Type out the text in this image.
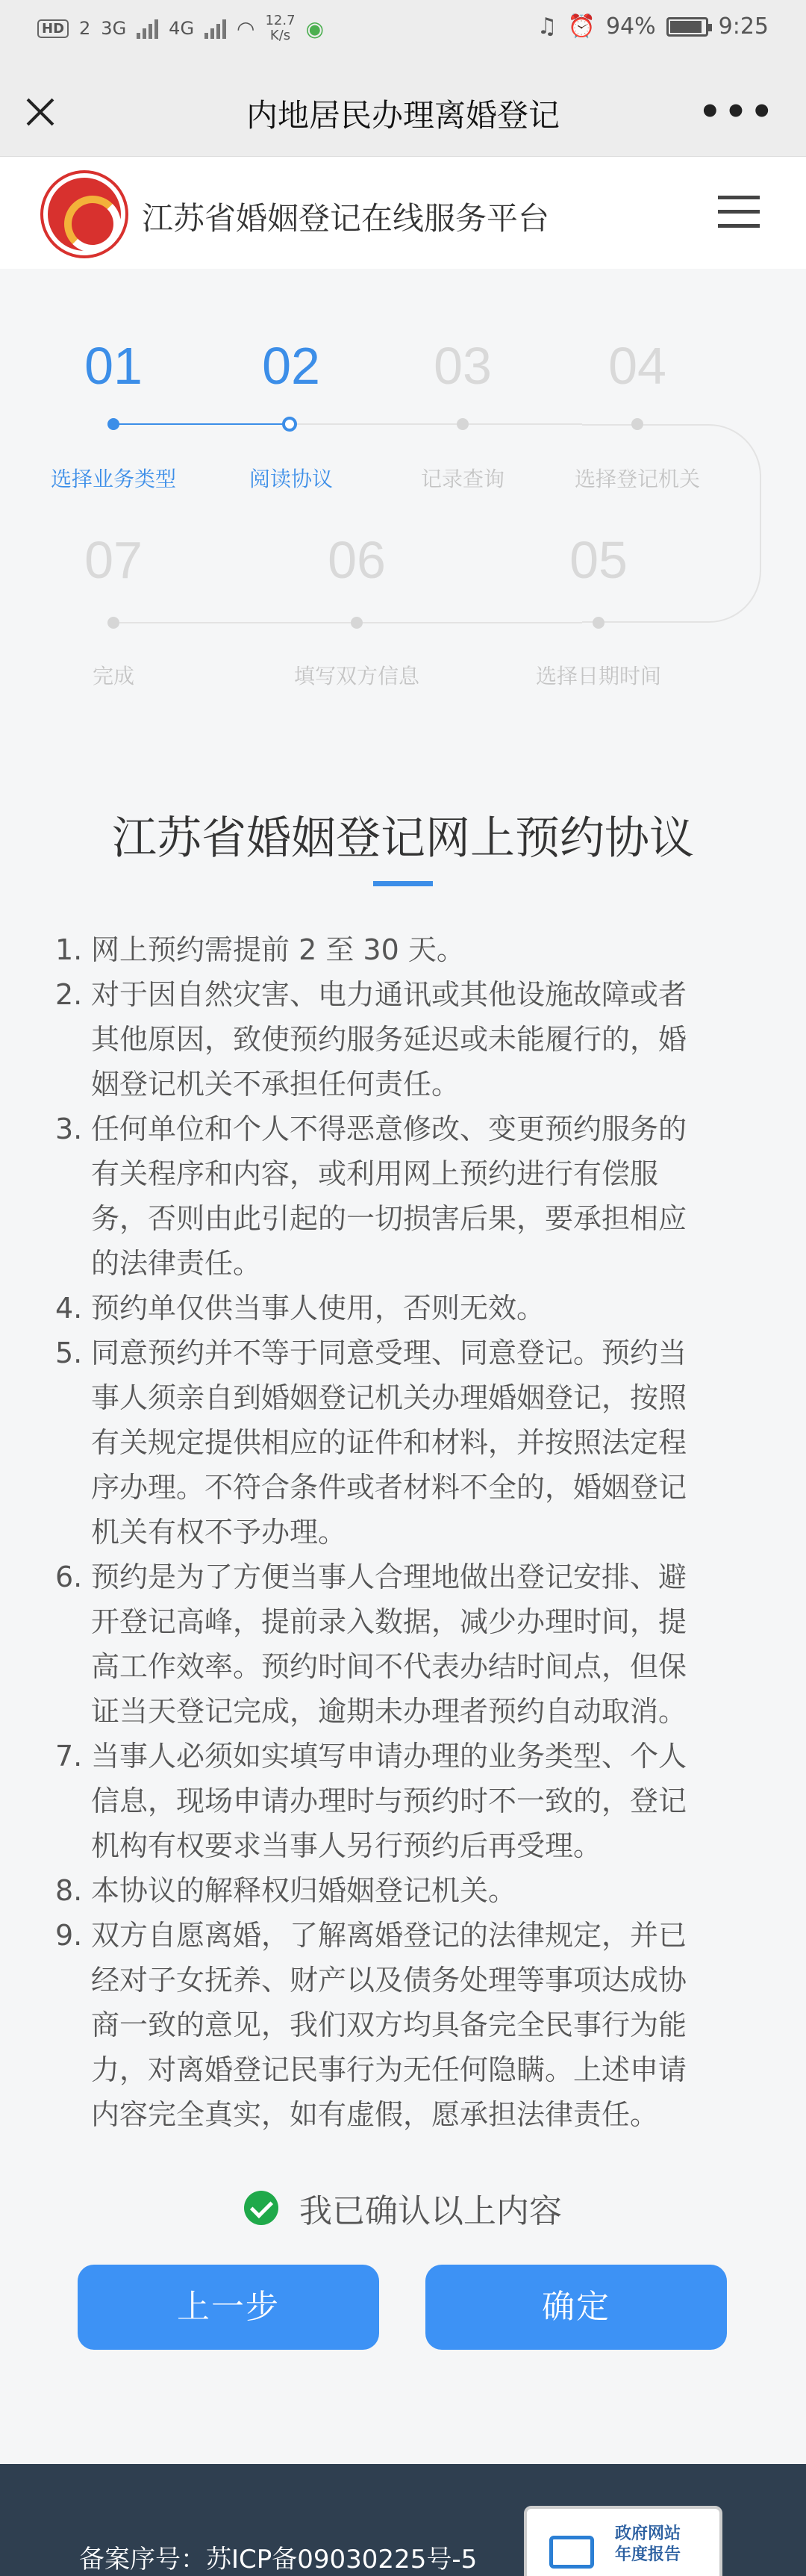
HD 2 3G 4G ◠ 12.7
K/s ◉	♫ ⏰ 94%	9:25
内地居民办理离婚登记	•••
江苏省婚姻登记在线服务平台
01
选择业务类型
02
阅读协议
03
记录查询
04
选择登记机关
07
完成
06
填写双方信息
05
选择日期时间
江苏省婚姻登记网上预约协议
1. 网上预约需提前 2 至 30 天。
2. 对于因自然灾害、电力通讯或其他设施故障或者
其他原因，致使预约服务延迟或未能履行的，婚
姻登记机关不承担任何责任。
3. 任何单位和个人不得恶意修改、变更预约服务的
有关程序和内容，或利用网上预约进行有偿服
务，否则由此引起的一切损害后果，要承担相应
的法律责任。
4. 预约单仅供当事人使用，否则无效。
5. 同意预约并不等于同意受理、同意登记。预约当
事人须亲自到婚姻登记机关办理婚姻登记，按照
有关规定提供相应的证件和材料，并按照法定程
序办理。不符合条件或者材料不全的，婚姻登记
机关有权不予办理。
6. 预约是为了方便当事人合理地做出登记安排、避
开登记高峰，提前录入数据，减少办理时间，提
高工作效率。预约时间不代表办结时间点，但保
证当天登记完成，逾期未办理者预约自动取消。
7. 当事人必须如实填写申请办理的业务类型、个人
信息，现场申请办理时与预约时不一致的，登记
机构有权要求当事人另行预约后再受理。
8. 本协议的解释权归婚姻登记机关。
9. 双方自愿离婚，了解离婚登记的法律规定，并已
经对子女抚养、财产以及债务处理等事项达成协
商一致的意见，我们双方均具备完全民事行为能
力，对离婚登记民事行为无任何隐瞒。上述申请
内容完全真实，如有虚假，愿承担法律责任。
我已确认以上内容
上一步	确定
备案序号：苏ICP备09030225号-5
政府网站
年度报告
